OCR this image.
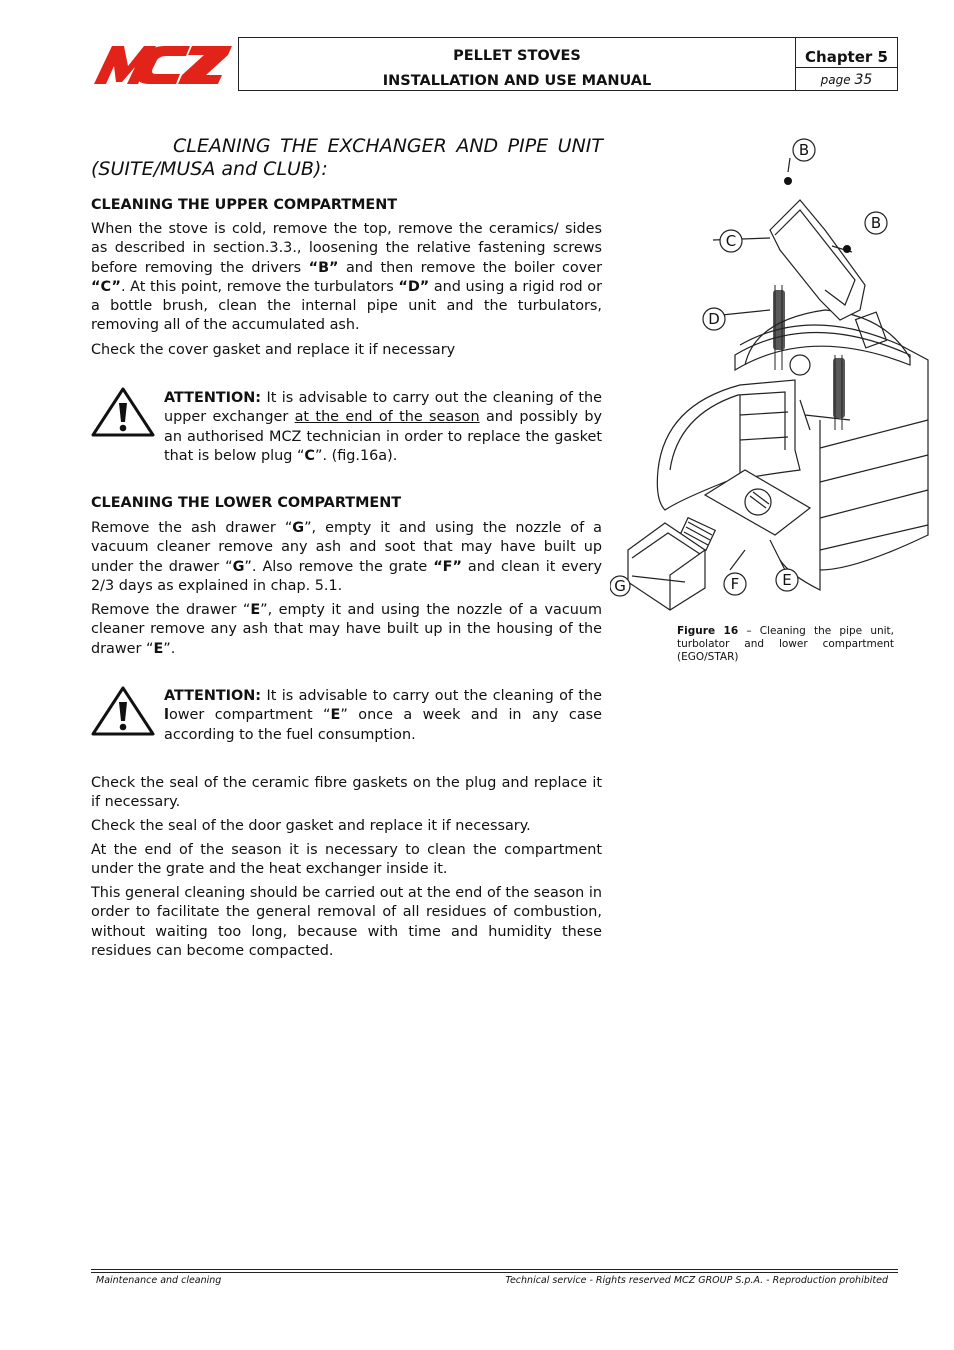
PELLET STOVES
INSTALLATION AND USE MANUAL
Chapter 5
page 35
CLEANING THE EXCHANGER AND PIPE UNIT
(SUITE/MUSA and CLUB):
CLEANING THE UPPER COMPARTMENT
When the stove is cold, remove the top, remove the ceramics/ sides as described in section.3.3., loosening the relative fastening screws before removing the drivers “B” and then remove the boiler cover “C”. At this point, remove the turbulators “D” and using a rigid rod or a bottle brush, clean the internal pipe unit and the turbulators, removing all of the accumulated ash.
Check the cover gasket and replace it if necessary
ATTENTION: It is advisable to carry out the cleaning of the upper exchanger at the end of the season and possibly by an authorised MCZ technician in order to replace the gasket that is below plug “C”. (fig.16a).
CLEANING THE LOWER COMPARTMENT
Remove the ash drawer “G”, empty it and using the nozzle of a vacuum cleaner remove any ash and soot that may have built up under the drawer “G”. Also remove the grate “F” and clean it every 2/3 days as explained in chap. 5.1.
Remove the drawer “E”, empty it and using the nozzle of a vacuum cleaner remove any ash that may have built up in the housing of the drawer “E”.
ATTENTION: It is advisable to carry out the cleaning of the lower compartment “E” once a week and in any case according to the fuel consumption.
Check the seal of the ceramic fibre gaskets on the plug and replace it if necessary.
Check the seal of the door gasket and replace it if necessary.
At the end of the season it is necessary to clean the compartment under the grate and the heat exchanger inside it.
This general cleaning should be carried out at the end of the season in order to facilitate the general removal of all residues of combustion, without waiting too long, because with time and humidity these residues can become compacted.
B
B
C
D
G	F	E
Figure 16 – Cleaning the pipe unit, turbolator and lower compartment (EGO/STAR)
Maintenance and cleaning	Technical service - Rights reserved MCZ GROUP S.p.A. - Reproduction prohibited
